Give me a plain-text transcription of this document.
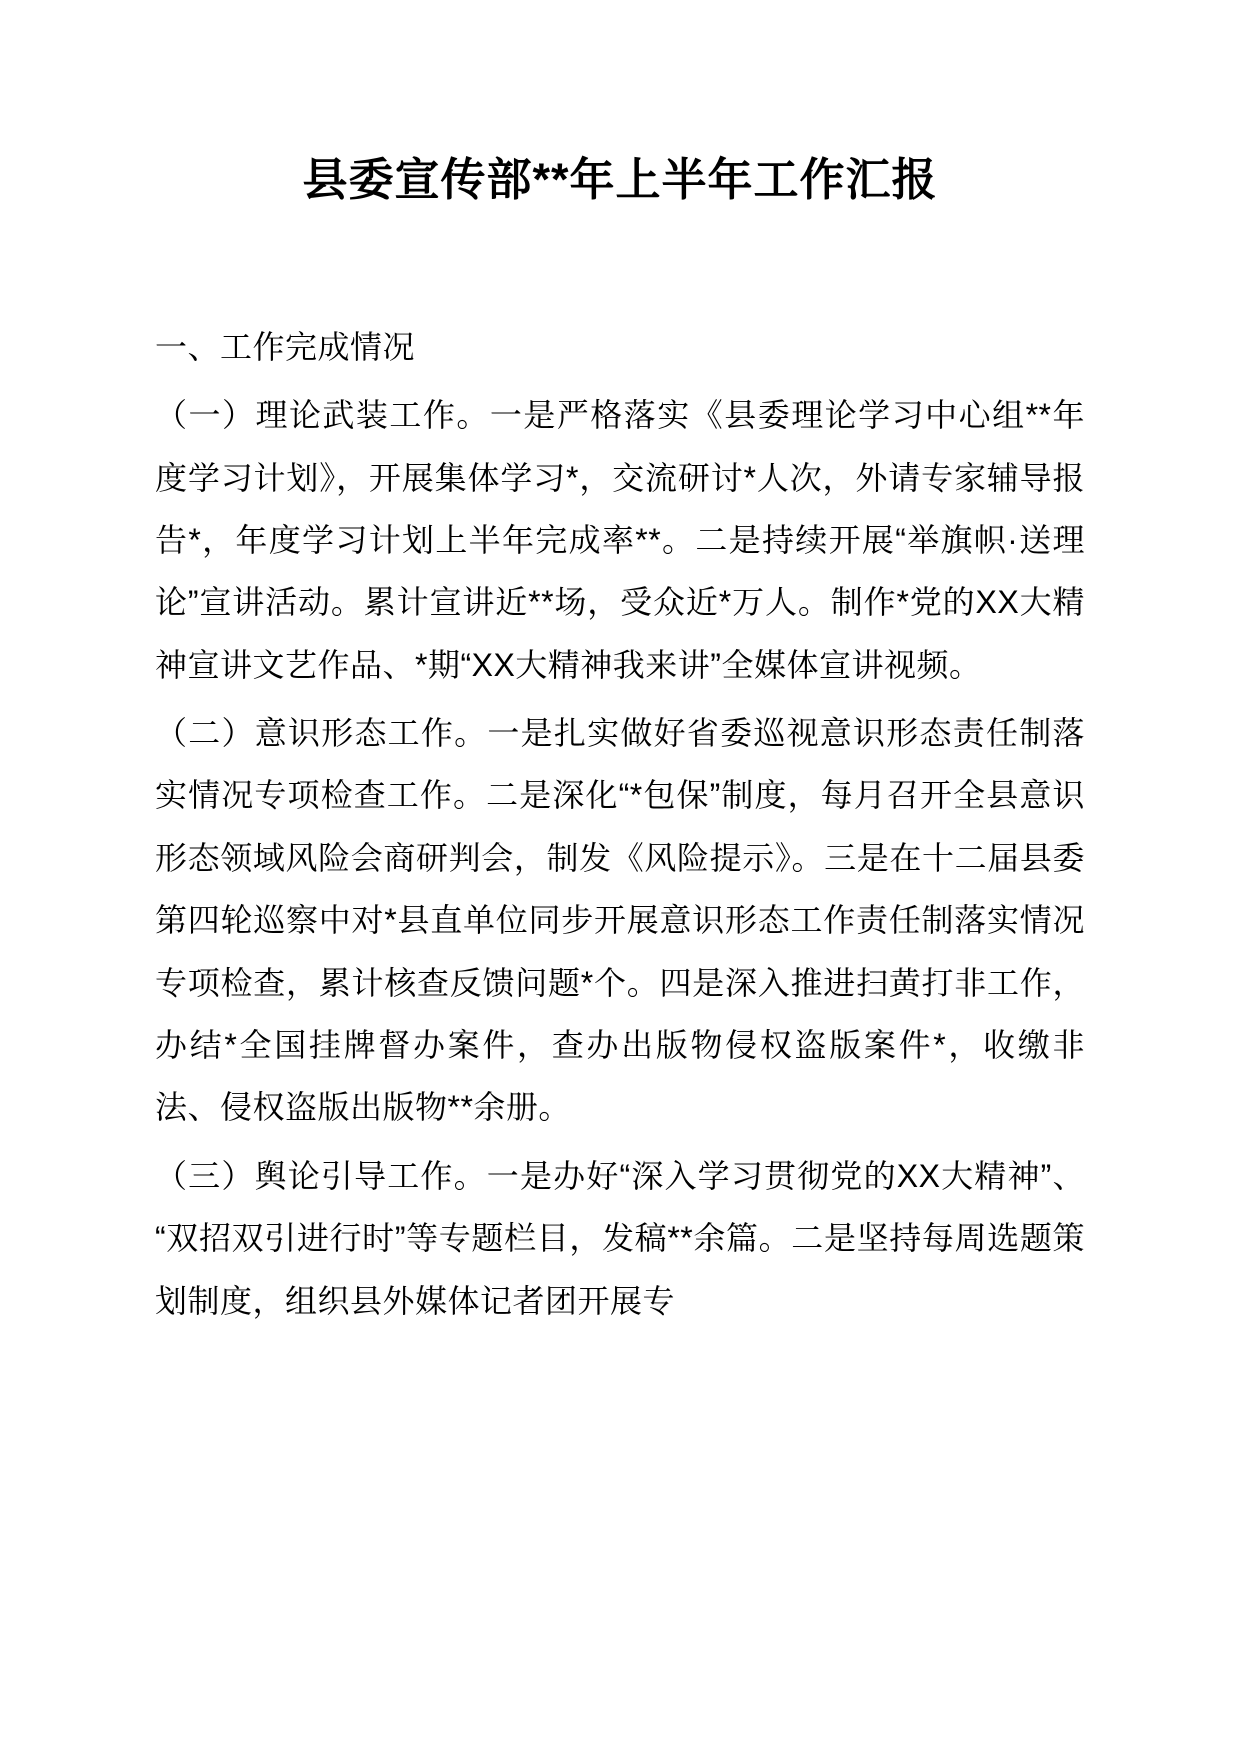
县委宣传部**年上半年工作汇报

一、工作完成情况

（一）理论武装工作。一是严格落实《县委理论学习中心组**年度学习计划》，开展集体学习*，交流研讨*人次，外请专家辅导报告*，年度学习计划上半年完成率**。二是持续开展“举旗帜·送理论”宣讲活动。累计宣讲近**场，受众近*万人。制作*党的XX大精神宣讲文艺作品、*期“XX大精神我来讲”全媒体宣讲视频。

（二）意识形态工作。一是扎实做好省委巡视意识形态责任制落实情况专项检查工作。二是深化“*包保”制度，每月召开全县意识形态领域风险会商研判会，制发《风险提示》。三是在十二届县委第四轮巡察中对*县直单位同步开展意识形态工作责任制落实情况专项检查，累计核查反馈问题*个。四是深入推进扫黄打非工作，办结*全国挂牌督办案件，查办出版物侵权盗版案件*，收缴非法、侵权盗版出版物**余册。

（三）舆论引导工作。一是办好“深入学习贯彻党的XX大精神”、“双招双引进行时”等专题栏目，发稿**余篇。二是坚持每周选题策划制度，组织县外媒体记者团开展专
